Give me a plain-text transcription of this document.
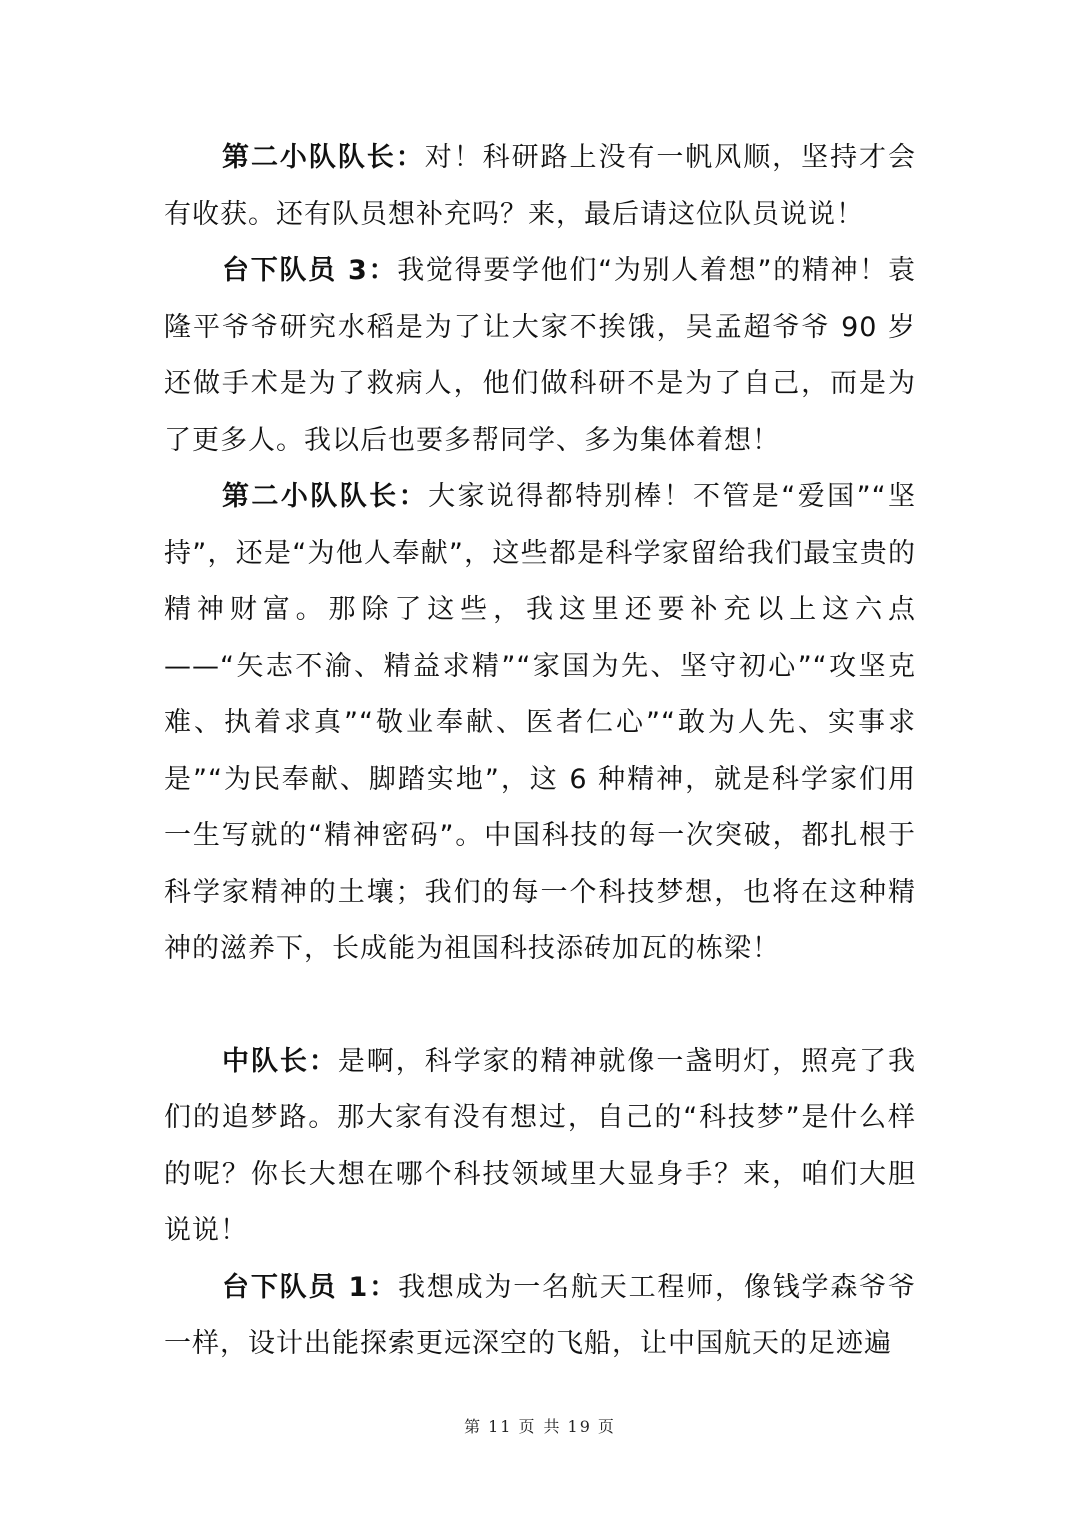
第二小队队长：对！科研路上没有一帆风顺，坚持才会有收获。还有队员想补充吗？来，最后请这位队员说说！

台下队员 3：我觉得要学他们“为别人着想”的精神！袁隆平爷爷研究水稻是为了让大家不挨饿，吴孟超爷爷 90 岁还做手术是为了救病人，他们做科研不是为了自己，而是为了更多人。我以后也要多帮同学、多为集体着想！

第二小队队长：大家说得都特别棒！不管是“爱国”“坚持”，还是“为他人奉献”，这些都是科学家留给我们最宝贵的精神财富。那除了这些，我这里还要补充以上这六点 ——“矢志不渝、精益求精”“家国为先、坚守初心”“攻坚克难、执着求真”“敬业奉献、医者仁心”“敢为人先、实事求是”“为民奉献、脚踏实地”，这 6 种精神，就是科学家们用一生写就的“精神密码”。中国科技的每一次突破，都扎根于科学家精神的土壤；我们的每一个科技梦想，也将在这种精神的滋养下，长成能为祖国科技添砖加瓦的栋梁！

中队长：是啊，科学家的精神就像一盏明灯，照亮了我们的追梦路。那大家有没有想过，自己的“科技梦”是什么样的呢？你长大想在哪个科技领域里大显身手？来，咱们大胆说说！

台下队员 1：我想成为一名航天工程师，像钱学森爷爷一样，设计出能探索更远深空的飞船，让中国航天的足迹遍

第 11 页 共 19 页
